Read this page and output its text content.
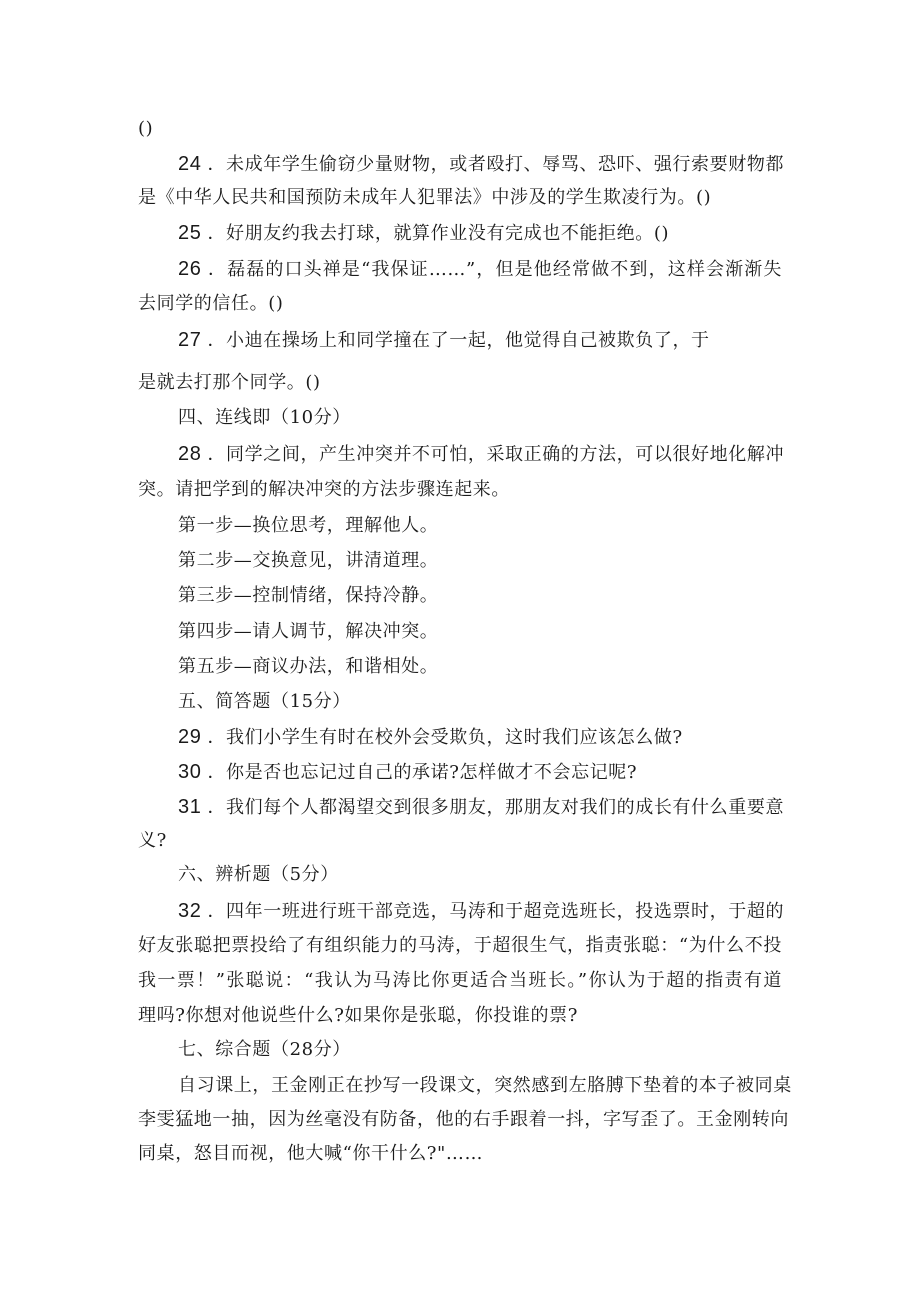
()
24 ．未成年学生偷窃少量财物，或者殴打、辱骂、恐吓、强行索要财物都
是《中华人民共和国预防未成年人犯罪法》中涉及的学生欺凌行为。()
25 ．好朋友约我去打球，就算作业没有完成也不能拒绝。()
26 ．磊磊的口头禅是“我保证……”，但是他经常做不到，这样会渐渐失
去同学的信任。()
27 ．小迪在操场上和同学撞在了一起，他觉得自己被欺负了，于
是就去打那个同学。()
四、连线即（10分）
28 ．同学之间，产生冲突并不可怕，采取正确的方法，可以很好地化解冲
突。请把学到的解决冲突的方法步骤连起来。
第一步—换位思考，理解他人。
第二步—交换意见，讲清道理。
第三步—控制情绪，保持冷静。
第四步—请人调节，解决冲突。
第五步—商议办法，和谐相处。
五、简答题（15分）
29 ．我们小学生有时在校外会受欺负，这时我们应该怎么做?
30 ．你是否也忘记过自己的承诺?怎样做才不会忘记呢?
31 ．我们每个人都渴望交到很多朋友，那朋友对我们的成长有什么重要意
义?
六、辨析题（5分）
32 ．四年一班进行班干部竞选，马涛和于超竞选班长，投选票时，于超的
好友张聪把票投给了有组织能力的马涛，于超很生气，指责张聪：“为什么不投
我一票！”张聪说：“我认为马涛比你更适合当班长。”你认为于超的指责有道
理吗?你想对他说些什么?如果你是张聪，你投谁的票?
七、综合题（28分）
自习课上，王金刚正在抄写一段课文，突然感到左胳膊下垫着的本子被同桌
李雯猛地一抽，因为丝毫没有防备，他的右手跟着一抖，字写歪了。王金刚转向
同桌，怒目而视，他大喊“你干什么?"……
